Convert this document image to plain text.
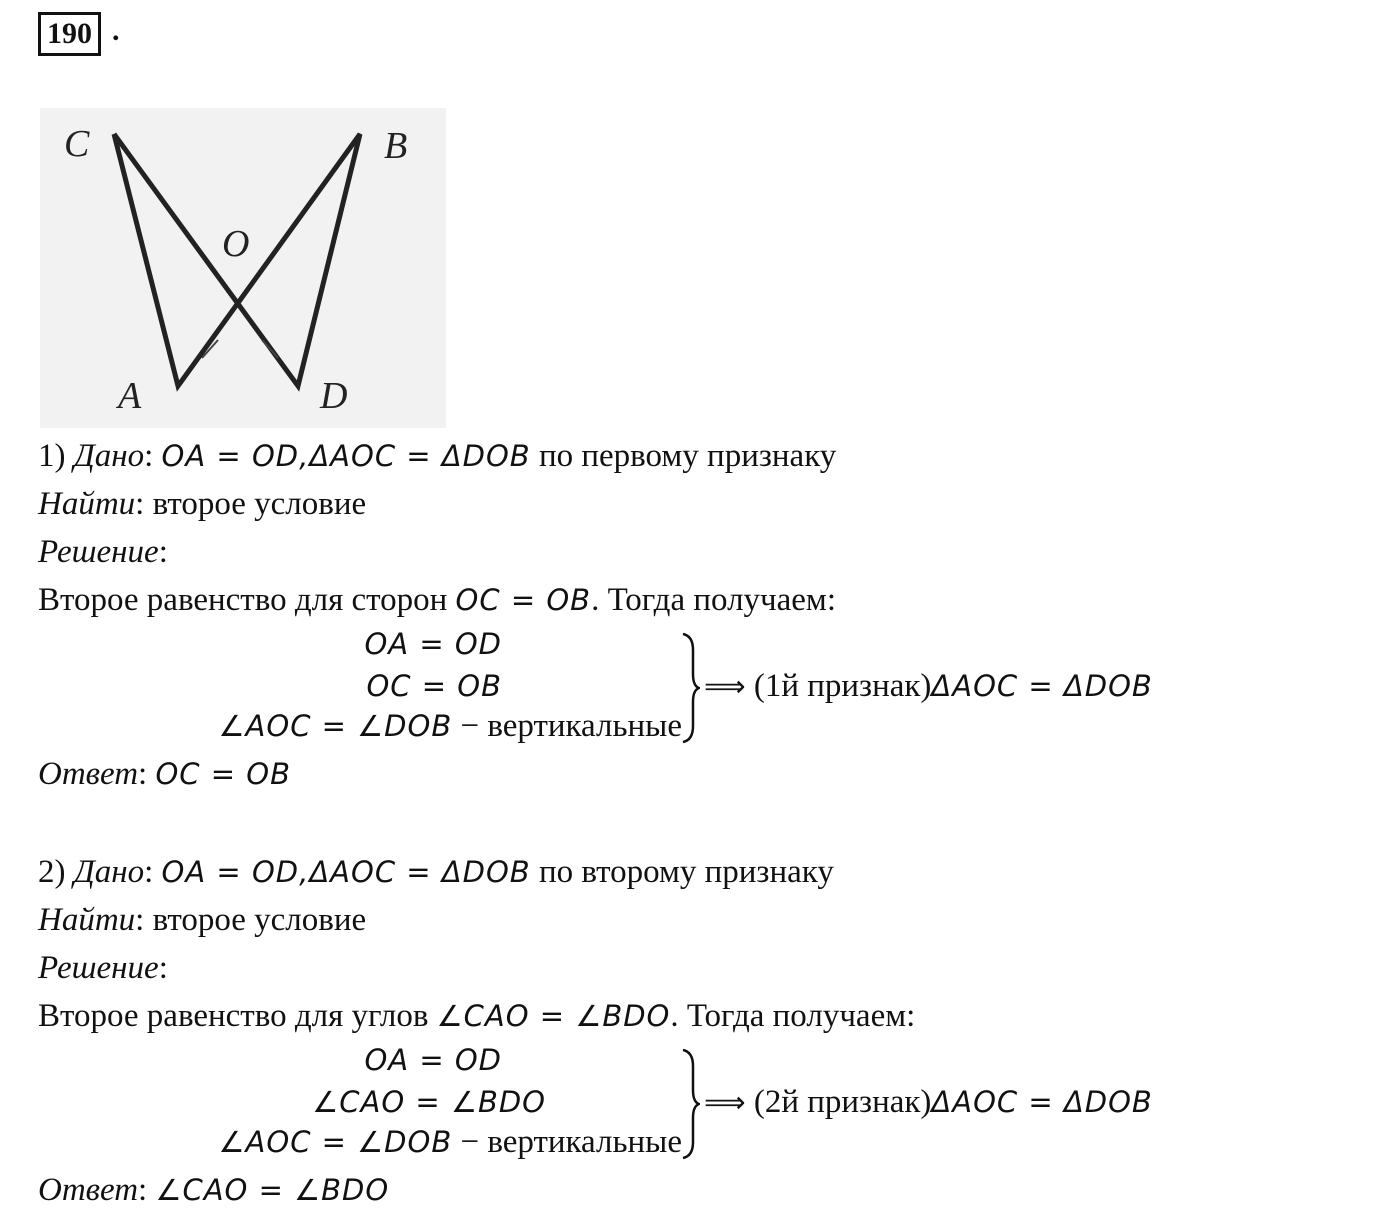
190 .
C	B
O
A	D
1) Дано: OA = OD,ΔAOC = ΔDOB по первому признаку
Найти: второе условие
Решение:
Второе равенство для сторон OC = OB. Тогда получаем:
OA = OD
OC = OB
∠AOC = ∠DOB − вертикальные
⟹ (1й признак)ΔAOC = ΔDOB
Ответ: OC = OB
2) Дано: OA = OD,ΔAOC = ΔDOB по второму признаку
Найти: второе условие
Решение:
Второе равенство для углов ∠CAO = ∠BDO. Тогда получаем:
OA = OD
∠CAO = ∠BDO
∠AOC = ∠DOB − вертикальные
⟹ (2й признак)ΔAOC = ΔDOB
Ответ: ∠CAO = ∠BDO
